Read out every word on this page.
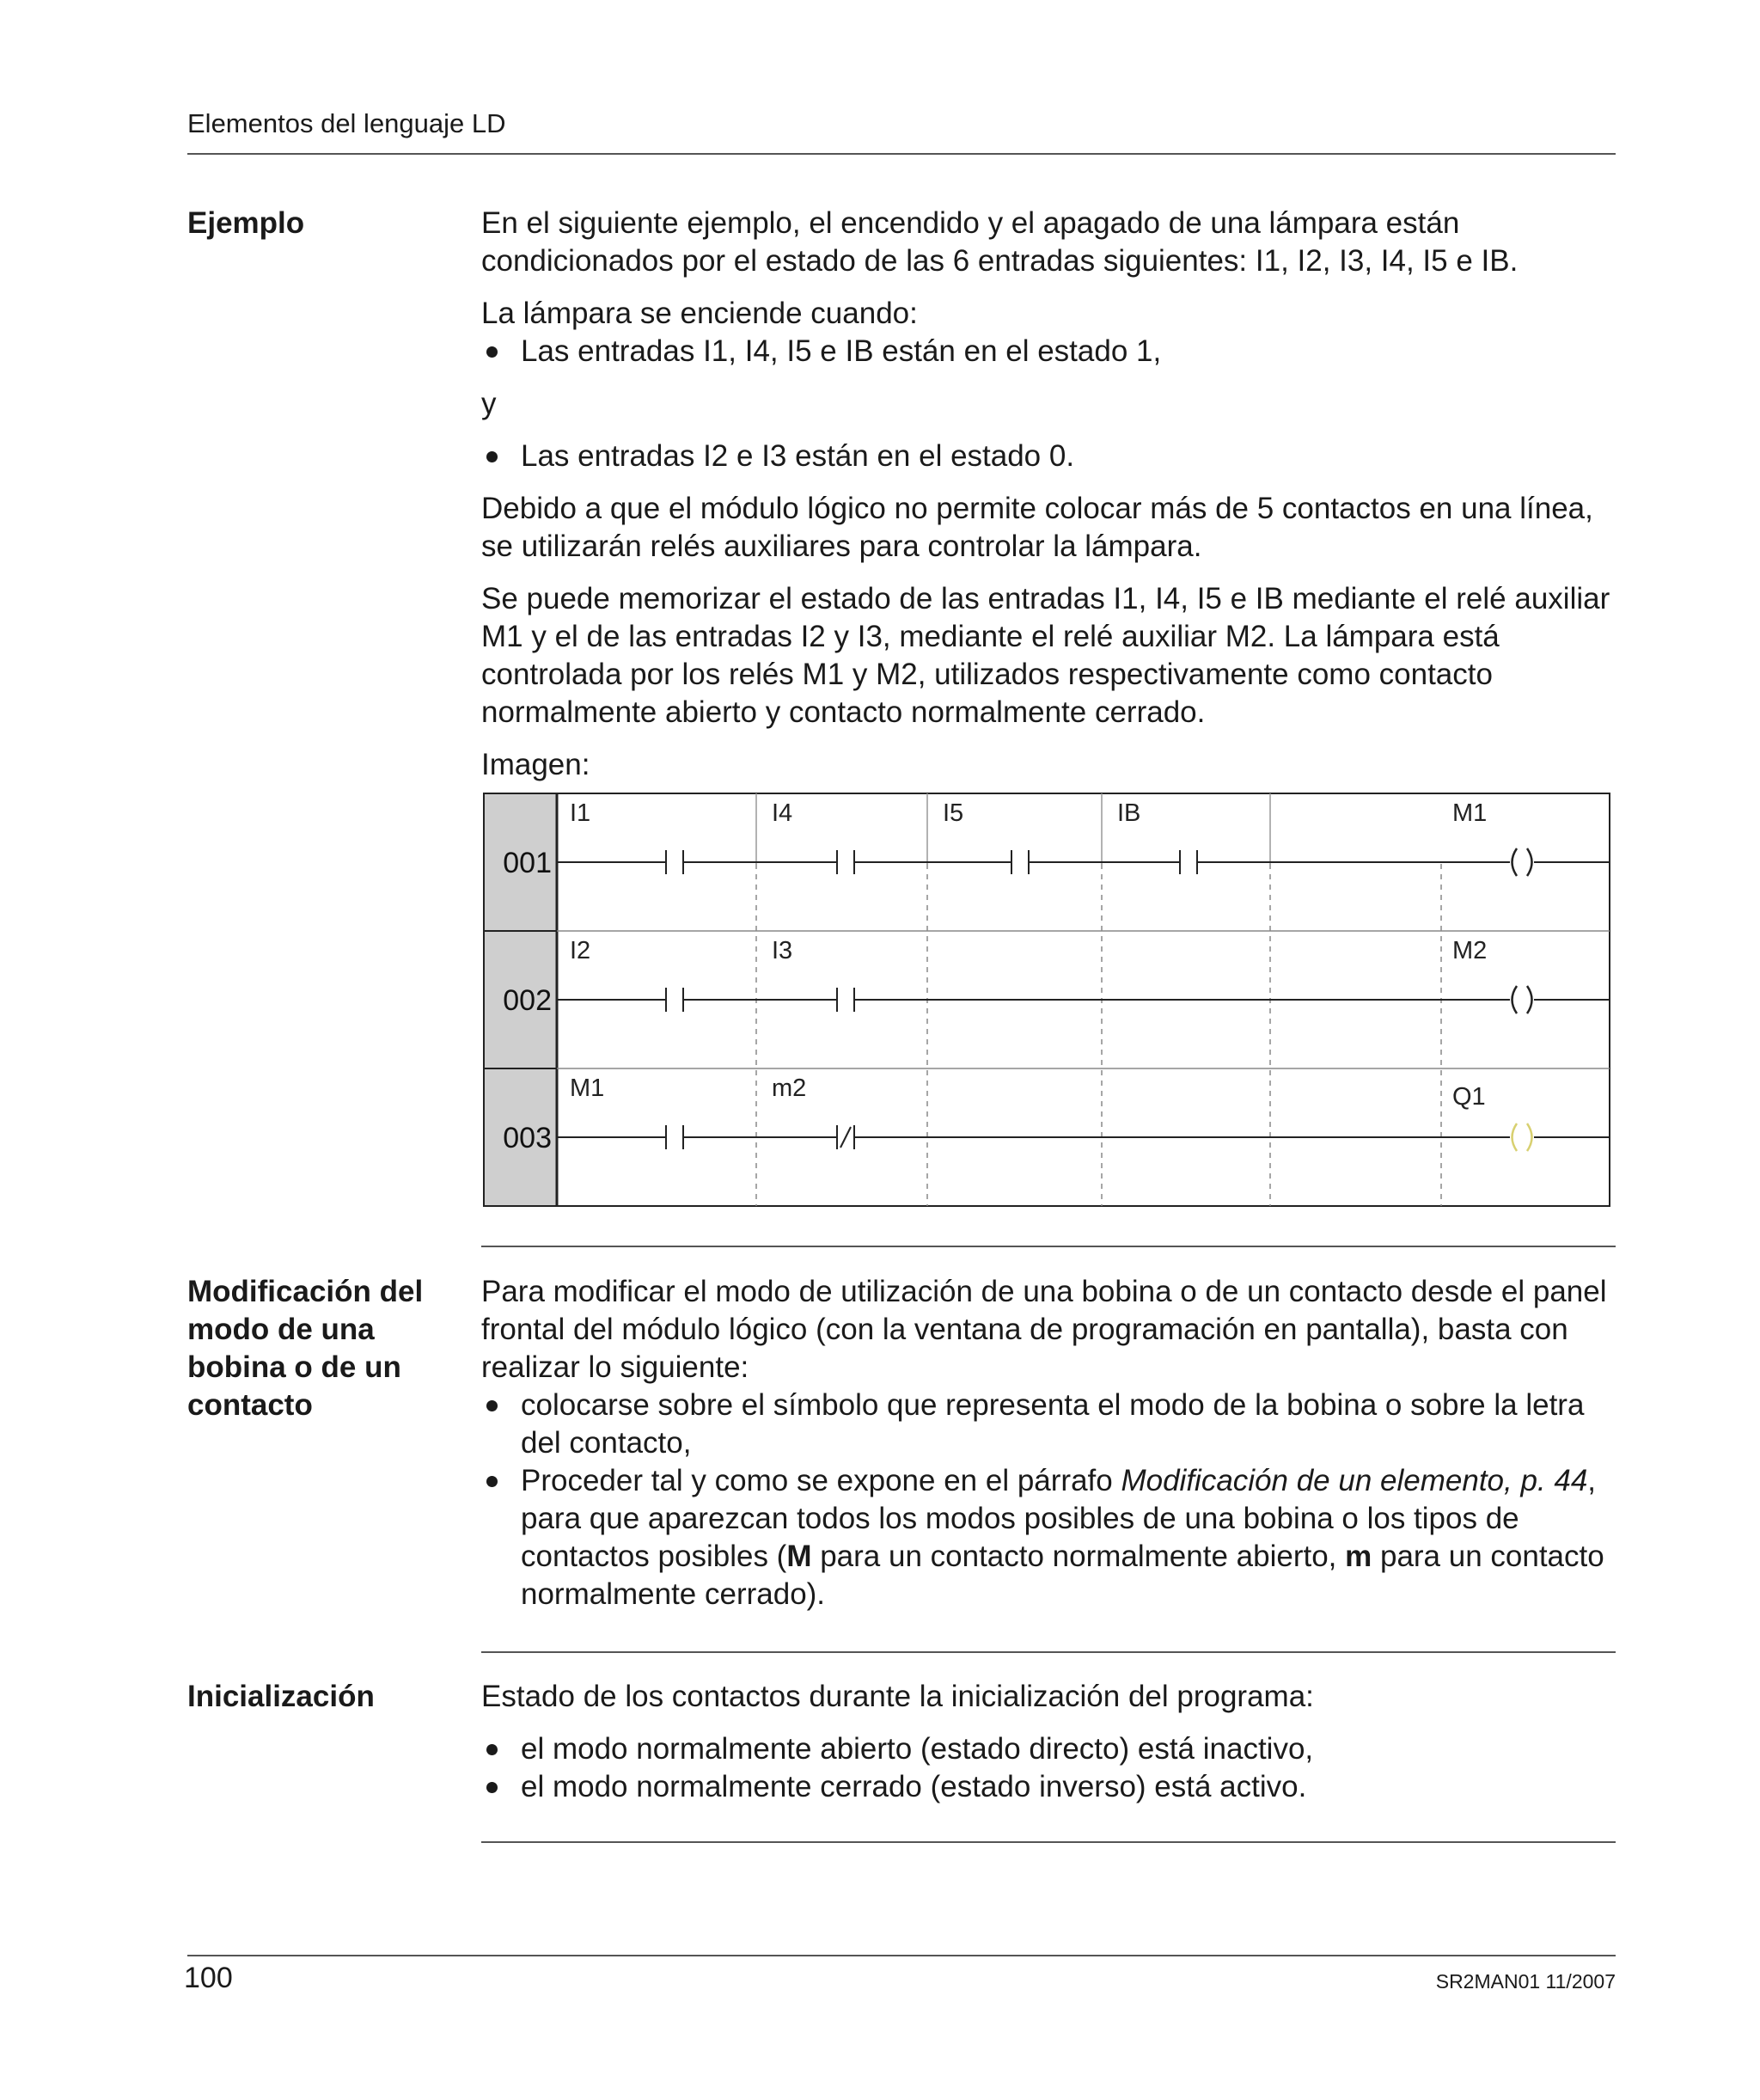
Elementos del lenguaje LD
Ejemplo	En el siguiente ejemplo, el encendido y el apagado de una lámpara están condicionados por el estado de las 6 entradas siguientes: I1, I2, I3, I4, I5 e IB.

La lámpara se enciende cuando:

Las entradas I1, I4, I5 e IB están en el estado 1,

y

Las entradas I2 e I3 están en el estado 0.

Debido a que el módulo lógico no permite colocar más de 5 contactos en una línea, se utilizarán relés auxiliares para controlar la lámpara.

Se puede memorizar el estado de las entradas I1, I4, I5 e IB mediante el relé auxiliar M1 y el de las entradas I2 y I3, mediante el relé auxiliar M2. La lámpara está controlada por los relés M1 y M2, utilizados respectivamente como contacto normalmente abierto y contacto normalmente cerrado.

Imagen:

001
I1	I4	I5	IB	M1
002
I2	I3	M2
003
M1	m2	Q1
Modificación del
modo de una
bobina o de un
contacto

Para modificar el modo de utilización de una bobina o de un contacto desde el panel frontal del módulo lógico (con la ventana de programación en pantalla), basta con realizar lo siguiente:

colocarse sobre el símbolo que representa el modo de la bobina o sobre la letra del contacto,

Proceder tal y como se expone en el párrafo Modificación de un elemento, p. 44, para que aparezcan todos los modos posibles de una bobina o los tipos de contactos posibles (M para un contacto normalmente abierto, m para un contacto normalmente cerrado).

Inicialización	Estado de los contactos durante la inicialización del programa:

el modo normalmente abierto (estado directo) está inactivo,

el modo normalmente cerrado (estado inverso) está activo.

100	SR2MAN01 11/2007
